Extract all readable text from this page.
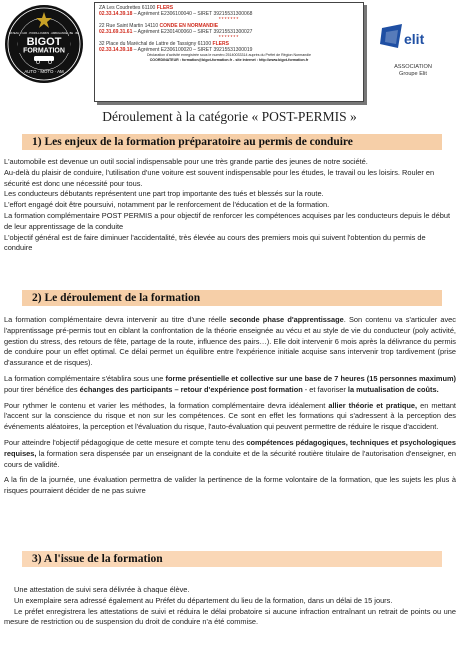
BIGOT
FORMATION
AUTO · MOTO · AM
BATEAU · CAR · POIDS-LOURDS · AMBULANCE · BE · BE
ZA Les Coudrettes 61100 FLERS
02.33.14.39.18 – Agrément E2306100040 – SIRET 39215531300068
*******
22 Rue Saint Martin 14110 CONDE EN NORMANDIE
02.31.69.31.61 – Agrément E2301400060 – SIRET 39215531300027
*******
32 Place du Maréchal de Lattre de Tassigny 61100 FLERS
02.33.14.39.18 – Agrément E2306100020 – SIRET 39215531300019
Déclaration d'activité enregistrée sous le numéro 25140033314 auprès du Préfet de Région Normandie
COORDINATEUR : formation@bigot-formation.fr - site internet : http://www.bigot-formation.fr
elit
ASSOCIATION
Groupe Elit
Déroulement à la catégorie « POST-PERMIS »
1) Les enjeux de la formation préparatoire au permis de conduire

L'automobile est devenue un outil social indispensable pour une très grande partie des jeunes de notre société.

Au-delà du plaisir de conduire, l'utilisation d'une voiture est souvent indispensable pour les études, le travail ou les loisirs. Rouler en sécurité est donc une nécessité pour tous.

Les conducteurs débutants représentent une part trop importante des tués et blessés sur la route.

L'effort engagé doit être poursuivi, notamment par le renforcement de l'éducation et de la formation.

La formation complémentaire POST PERMIS a pour objectif de renforcer les compétences acquises par les conducteurs depuis le début de leur apprentissage de la conduite

L'objectif général est de faire diminuer l'accidentalité, très élevée au cours des premiers mois qui suivent l'obtention du permis de conduire

2) Le déroulement de la formation

La formation complémentaire devra intervenir au titre d'une réelle seconde phase d'apprentissage. Son contenu va s'articuler avec l'apprentissage pré-permis tout en ciblant la confrontation de la théorie enseignée au vécu et au style de vie du conducteur (poly activité, gestion du stress, des retours de fête, partage de la route, influence des pairs…). Elle doit intervenir 6 mois après la délivrance du permis de conduire pour un effet optimal. Ce délai permet un équilibre entre l'expérience initiale acquise sans intervenir trop tardivement (prise d'assurance et de risques).

La formation complémentaire s'établira sous une forme présentielle et collective sur une base de 7 heures (15 personnes maximum) pour tirer bénéfice des échanges des participants – retour d'expérience post formation - et favoriser la mutualisation de coûts.

Pour rythmer le contenu et varier les méthodes, la formation complémentaire devra idéalement allier théorie et pratique, en mettant l'accent sur la conscience du risque et non sur les compétences. Ce sont en effet les formations qui s'adressent à la perception des événements aléatoires, la perception et l'évaluation du risque, l'auto-évaluation qui peuvent permettre de réduire le risque d'accident.

Pour atteindre l'objectif pédagogique de cette mesure et compte tenu des compétences pédagogiques, techniques et psychologiques requises, la formation sera dispensée par un enseignant de la conduite et de la sécurité routière titulaire de l'autorisation d'enseigner, en cours de validité.

A la fin de la journée, une évaluation permettra de valider la pertinence de la forme volontaire de la formation, que les sujets les plus à risques pourraient décider de ne pas suivre

3) A l'issue de la formation

Une attestation de suivi sera délivrée à chaque élève.

Un exemplaire sera adressé également au Préfet du département du lieu de la formation, dans un délai de 15 jours.

Le préfet enregistrera les attestations de suivi et réduira le délai probatoire si aucune infraction entraînant un retrait de points ou une mesure de restriction ou de suspension du droit de conduire n'a été commise.
